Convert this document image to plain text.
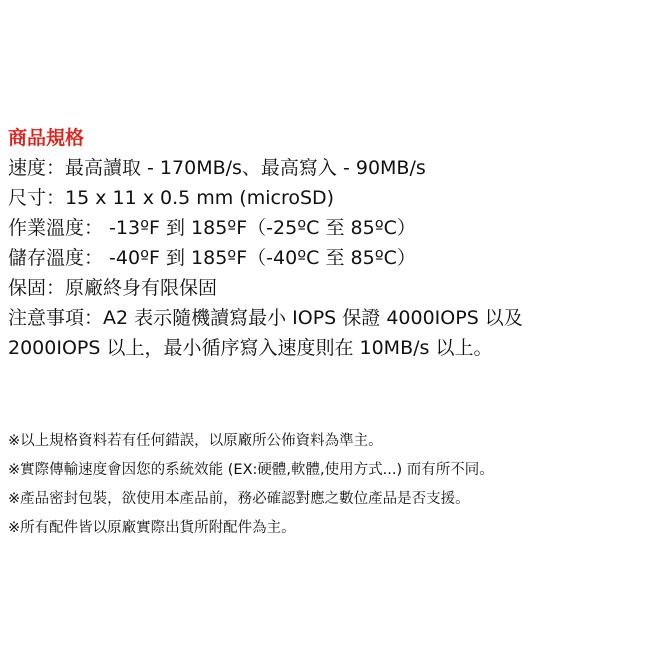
商品規格
速度：最高讀取 - 170MB/s、最高寫入 - 90MB/s
尺寸：15 x 11 x 0.5 mm (microSD)
作業溫度： -13ºF 到 185ºF（-25ºC 至 85ºC）
儲存溫度： -40ºF 到 185ºF（-40ºC 至 85ºC）
保固：原廠終身有限保固
注意事項：A2 表示隨機讀寫最小 IOPS 保證 4000IOPS 以及
2000IOPS 以上，最小循序寫入速度則在 10MB/s 以上。
※以上規格資料若有任何錯誤，以原廠所公佈資料為準主。
※實際傳輸速度會因您的系統效能 (EX:硬體,軟體,使用方式...) 而有所不同。
※產品密封包裝，欲使用本產品前，務必確認對應之數位產品是否支援。
※所有配件皆以原廠實際出貨所附配件為主。
